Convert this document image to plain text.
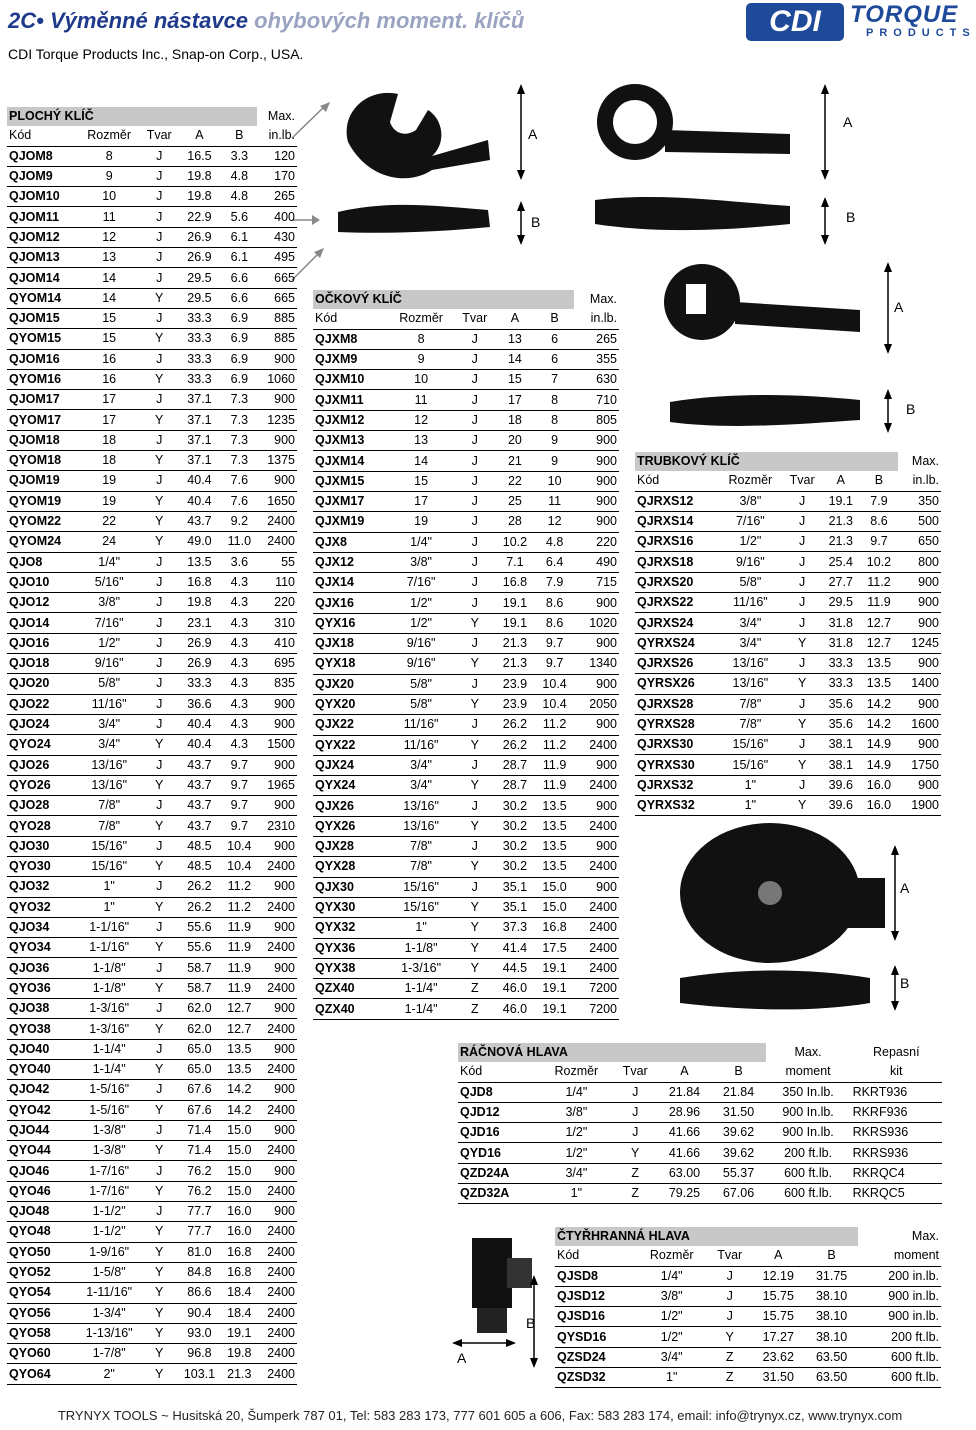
2C• Výměnné nástavce ohybových moment. klíčů	CDI	TORQUE
PRODUCTS
CDI Torque Products Inc., Snap-on Corp., USA.
A
B
A
B
A
B
A
B
B
A
PLOCHÝ KLÍČ					Max.
Kód	Rozměr	Tvar	A	B	in.lb.
QJOM8	8	J	16.5	3.3	120
QJOM9	9	J	19.8	4.8	170
QJOM10	10	J	19.8	4.8	265
QJOM11	11	J	22.9	5.6	400
QJOM12	12	J	26.9	6.1	430
QJOM13	13	J	26.9	6.1	495
QJOM14	14	J	29.5	6.6	665
QYOM14	14	Y	29.5	6.6	665
QJOM15	15	J	33.3	6.9	885
QYOM15	15	Y	33.3	6.9	885
QJOM16	16	J	33.3	6.9	900
QYOM16	16	Y	33.3	6.9	1060
QJOM17	17	J	37.1	7.3	900
QYOM17	17	Y	37.1	7.3	1235
QJOM18	18	J	37.1	7.3	900
QYOM18	18	Y	37.1	7.3	1375
QJOM19	19	J	40.4	7.6	900
QYOM19	19	Y	40.4	7.6	1650
QYOM22	22	Y	43.7	9.2	2400
QYOM24	24	Y	49.0	11.0	2400
QJO8	1/4"	J	13.5	3.6	55
QJO10	5/16"	J	16.8	4.3	110
QJO12	3/8"	J	19.8	4.3	220
QJO14	7/16"	J	23.1	4.3	310
QJO16	1/2"	J	26.9	4.3	410
QJO18	9/16"	J	26.9	4.3	695
QJO20	5/8"	J	33.3	4.3	835
QJO22	11/16"	J	36.6	4.3	900
QJO24	3/4"	J	40.4	4.3	900
QYO24	3/4"	Y	40.4	4.3	1500
QJO26	13/16"	J	43.7	9.7	900
QYO26	13/16"	Y	43.7	9.7	1965
QJO28	7/8"	J	43.7	9.7	900
QYO28	7/8"	Y	43.7	9.7	2310
QJO30	15/16"	J	48.5	10.4	900
QYO30	15/16"	Y	48.5	10.4	2400
QJO32	1"	J	26.2	11.2	900
QYO32	1"	Y	26.2	11.2	2400
QJO34	1-1/16"	J	55.6	11.9	900
QYO34	1-1/16"	Y	55.6	11.9	2400
QJO36	1-1/8"	J	58.7	11.9	900
QYO36	1-1/8"	Y	58.7	11.9	2400
QJO38	1-3/16"	J	62.0	12.7	900
QYO38	1-3/16"	Y	62.0	12.7	2400
QJO40	1-1/4"	J	65.0	13.5	900
QYO40	1-1/4"	Y	65.0	13.5	2400
QJO42	1-5/16"	J	67.6	14.2	900
QYO42	1-5/16"	Y	67.6	14.2	2400
QJO44	1-3/8"	J	71.4	15.0	900
QYO44	1-3/8"	Y	71.4	15.0	2400
QJO46	1-7/16"	J	76.2	15.0	900
QYO46	1-7/16"	Y	76.2	15.0	2400
QJO48	1-1/2"	J	77.7	16.0	900
QYO48	1-1/2"	Y	77.7	16.0	2400
QYO50	1-9/16"	Y	81.0	16.8	2400
QYO52	1-5/8"	Y	84.8	16.8	2400
QYO54	1-11/16"	Y	86.6	18.4	2400
QYO56	1-3/4"	Y	90.4	18.4	2400
QYO58	1-13/16"	Y	93.0	19.1	2400
QYO60	1-7/8"	Y	96.8	19.8	2400
QYO64	2"	Y	103.1	21.3	2400
OČKOVÝ KLÍČ					Max.
Kód	Rozměr	Tvar	A	B	in.lb.
QJXM8	8	J	13	6	265
QJXM9	9	J	14	6	355
QJXM10	10	J	15	7	630
QJXM11	11	J	17	8	710
QJXM12	12	J	18	8	805
QJXM13	13	J	20	9	900
QJXM14	14	J	21	9	900
QJXM15	15	J	22	10	900
QJXM17	17	J	25	11	900
QJXM19	19	J	28	12	900
QJX8	1/4"	J	10.2	4.8	220
QJX12	3/8"	J	7.1	6.4	490
QJX14	7/16"	J	16.8	7.9	715
QJX16	1/2"	J	19.1	8.6	900
QYX16	1/2"	Y	19.1	8.6	1020
QJX18	9/16"	J	21.3	9.7	900
QYX18	9/16"	Y	21.3	9.7	1340
QJX20	5/8"	J	23.9	10.4	900
QYX20	5/8"	Y	23.9	10.4	2050
QJX22	11/16"	J	26.2	11.2	900
QYX22	11/16"	Y	26.2	11.2	2400
QJX24	3/4"	J	28.7	11.9	900
QYX24	3/4"	Y	28.7	11.9	2400
QJX26	13/16"	J	30.2	13.5	900
QYX26	13/16"	Y	30.2	13.5	2400
QJX28	7/8"	J	30.2	13.5	900
QYX28	7/8"	Y	30.2	13.5	2400
QJX30	15/16"	J	35.1	15.0	900
QYX30	15/16"	Y	35.1	15.0	2400
QYX32	1"	Y	37.3	16.8	2400
QYX36	1-1/8"	Y	41.4	17.5	2400
QYX38	1-3/16"	Y	44.5	19.1	2400
QZX40	1-1/4"	Z	46.0	19.1	7200
QZX40	1-1/4"	Z	46.0	19.1	7200
TRUBKOVÝ KLÍČ					Max.
Kód	Rozměr	Tvar	A	B	in.lb.
QJRXS12	3/8"	J	19.1	7.9	350
QJRXS14	7/16"	J	21.3	8.6	500
QJRXS16	1/2"	J	21.3	9.7	650
QJRXS18	9/16"	J	25.4	10.2	800
QJRXS20	5/8"	J	27.7	11.2	900
QJRXS22	11/16"	J	29.5	11.9	900
QJRXS24	3/4"	J	31.8	12.7	900
QYRXS24	3/4"	Y	31.8	12.7	1245
QJRXS26	13/16"	J	33.3	13.5	900
QYRSX26	13/16"	Y	33.3	13.5	1400
QJRXS28	7/8"	J	35.6	14.2	900
QYRXS28	7/8"	Y	35.6	14.2	1600
QJRXS30	15/16"	J	38.1	14.9	900
QYRXS30	15/16"	Y	38.1	14.9	1750
QJRXS32	1"	J	39.6	16.0	900
QYRXS32	1"	Y	39.6	16.0	1900
RÁČNOVÁ HLAVA					Max.	Repasní
Kód	Rozměr	Tvar	A	B	moment	kit
QJD8	1/4"	J	21.84	21.84	350 In.lb.	RKRT936
QJD12	3/8"	J	28.96	31.50	900 In.lb.	RKRF936
QJD16	1/2"	J	41.66	39.62	900 In.lb.	RKRS936
QYD16	1/2"	Y	41.66	39.62	200 ft.lb.	RKRS936
QZD24A	3/4"	Z	63.00	55.37	600 ft.lb.	RKRQC4
QZD32A	1"	Z	79.25	67.06	600 ft.lb.	RKRQC5
ČTYŘHRANNÁ HLAVA					Max.
Kód	Rozměr	Tvar	A	B	moment
QJSD8	1/4"	J	12.19	31.75	200 in.lb.
QJSD12	3/8"	J	15.75	38.10	900 in.lb.
QJSD16	1/2"	J	15.75	38.10	900 in.lb.
QYSD16	1/2"	Y	17.27	38.10	200 ft.lb.
QZSD24	3/4"	Z	23.62	63.50	600 ft.lb.
QZSD32	1"	Z	31.50	63.50	600 ft.lb.
TRYNYX TOOLS ~ Husitská 20, Šumperk 787 01, Tel: 583 283 173, 777 601 605 a 606, Fax: 583 283 174, email: info@trynyx.cz, www.trynyx.com
